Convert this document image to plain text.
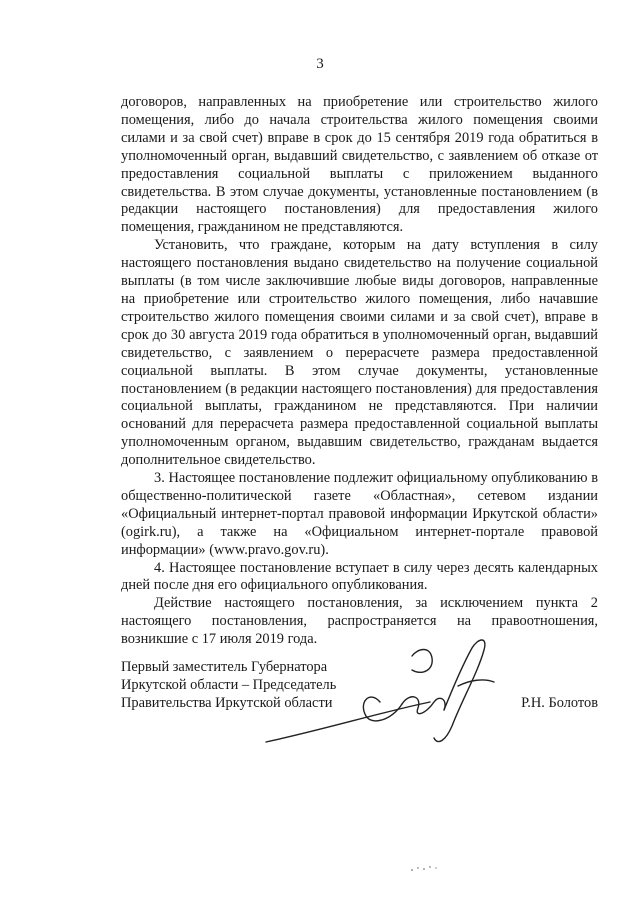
3

договоров, направленных на приобретение или строительство жилого помещения, либо до начала строительства жилого помещения своими силами и за свой счет) вправе в срок до 15 сентября 2019 года обратиться в уполномоченный орган, выдавший свидетельство, с заявлением об отказе от предоставления социальной выплаты с приложением выданного свидетельства. В этом случае документы, установленные постановлением (в редакции настоящего постановления) для предоставления жилого помещения, гражданином не представляются.

Установить, что граждане, которым на дату вступления в силу настоящего постановления выдано свидетельство на получение социальной выплаты (в том числе заключившие любые виды договоров, направленные на приобретение или строительство жилого помещения, либо начавшие строительство жилого помещения своими силами и за свой счет), вправе в срок до 30 августа 2019 года обратиться в уполномоченный орган, выдавший свидетельство, с заявлением о перерасчете размера предоставленной социальной выплаты. В этом случае документы, установленные постановлением (в редакции настоящего постановления) для предоставления социальной выплаты, гражданином не представляются. При наличии оснований для перерасчета размера предоставленной социальной выплаты уполномоченным органом, выдавшим свидетельство, гражданам выдается дополнительное свидетельство.

3. Настоящее постановление подлежит официальному опубликованию в общественно-политической газете «Областная», сетевом издании «Официальный интернет-портал правовой информации Иркутской области» (ogirk.ru), а также на «Официальном интернет-портале правовой информации» (www.pravo.gov.ru).

4. Настоящее постановление вступает в силу через десять календарных дней после дня его официального опубликования.

Действие настоящего постановления, за исключением пункта 2 настоящего постановления, распространяется на правоотношения, возникшие с 17 июля 2019 года.

Первый заместитель Губернатора
Иркутской области – Председатель
Правительства Иркутской области	Р.Н. Болотов
